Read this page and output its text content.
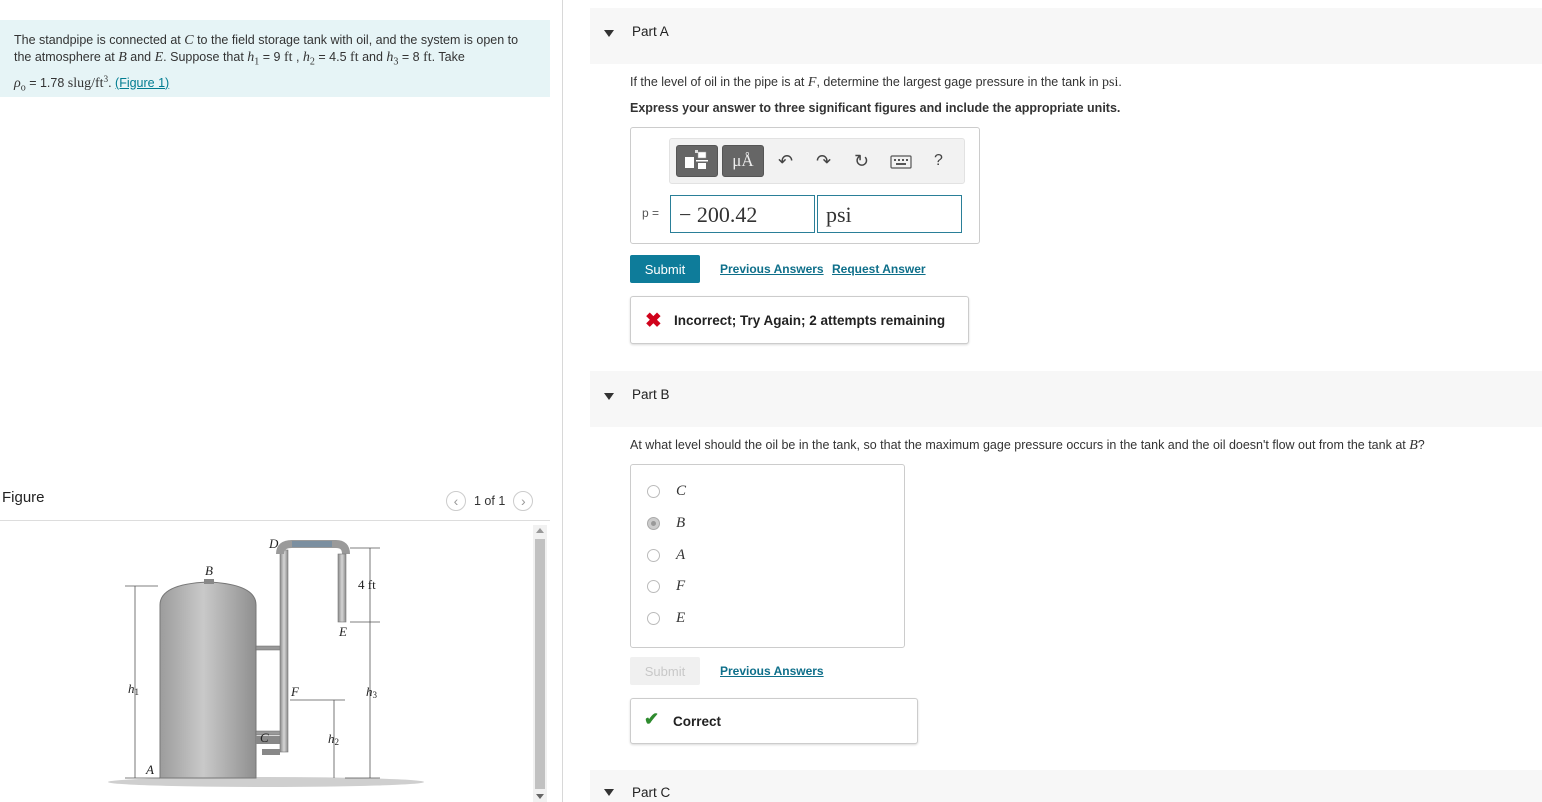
The standpipe is connected at C to the field storage tank with oil, and the system is open to the atmosphere at B and E. Suppose that $h_1 = 9$ ft , $h_2 = 4.5$ ft and $h_3 = 8$ ft. Take
$\rho_o = 1.78$ slug/$ft^3$. (Figure 1)
Figure	‹ 1 of 1 ›
D
B
E
F
C
A
h1
h2
h3
4 ft
Part A
If the level of oil in the pipe is at F, determine the largest gage pressure in the tank in psi.
Express your answer to three significant figures and include the appropriate units.
μÅ	↶ ↷ ↻	?
p = − 200.42	psi
Submit	Previous Answers Request Answer
✖ Incorrect; Try Again; 2 attempts remaining
Part B
At what level should the oil be in the tank, so that the maximum gage pressure occurs in the tank and the oil doesn't flow out from the tank at B?
C
B
A
F
E
Submit	Previous Answers
✔ Correct
Part C
